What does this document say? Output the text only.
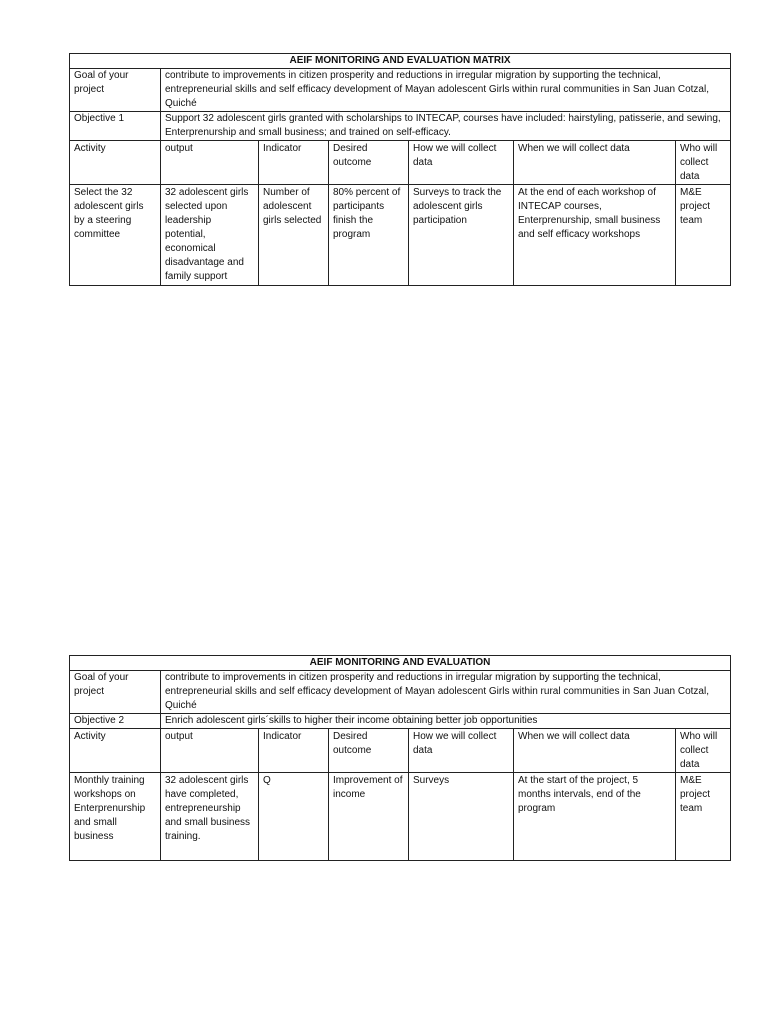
AEIF MONITORING AND EVALUATION MATRIX						
Goal of your project	contribute to improvements in citizen prosperity and reductions in irregular migration by supporting the technical, entrepreneurial skills and self efficacy development of Mayan adolescent Girls within rural communities in San Juan Cotzal, Quiché					
Objective 1	Support 32 adolescent girls granted with scholarships to INTECAP, courses have included: hairstyling, patisserie, and sewing, Enterprenurship and small business; and trained on self-efficacy.					
Activity	output	Indicator	Desired outcome	How we will collect data	When we will collect data	Who will collect data
Select the 32 adolescent girls by a steering committee	32 adolescent girls selected upon leadership potential, economical disadvantage and family support	Number of adolescent girls selected	80% percent of participants finish the program	Surveys to track the adolescent girls participation	At the end of each workshop of INTECAP courses, Enterprenurship, small business and self efficacy workshops	M&E project team
AEIF MONITORING AND EVALUATION						
Goal of your project	contribute to improvements in citizen prosperity and reductions in irregular migration by supporting the technical, entrepreneurial skills and self efficacy development of Mayan adolescent Girls within rural communities in San Juan Cotzal, Quiché					
Objective 2	Enrich adolescent girls´skills to higher their income obtaining better job opportunities					
Activity	output	Indicator	Desired outcome	How we will collect data	When we will collect data	Who will collect data
Monthly training workshops on Enterprenurship and small business	32 adolescent girls have completed, entrepreneurship and small business training.	Q	Improvement of income	Surveys	At the start of the project, 5 months intervals, end of the program	M&E project team
